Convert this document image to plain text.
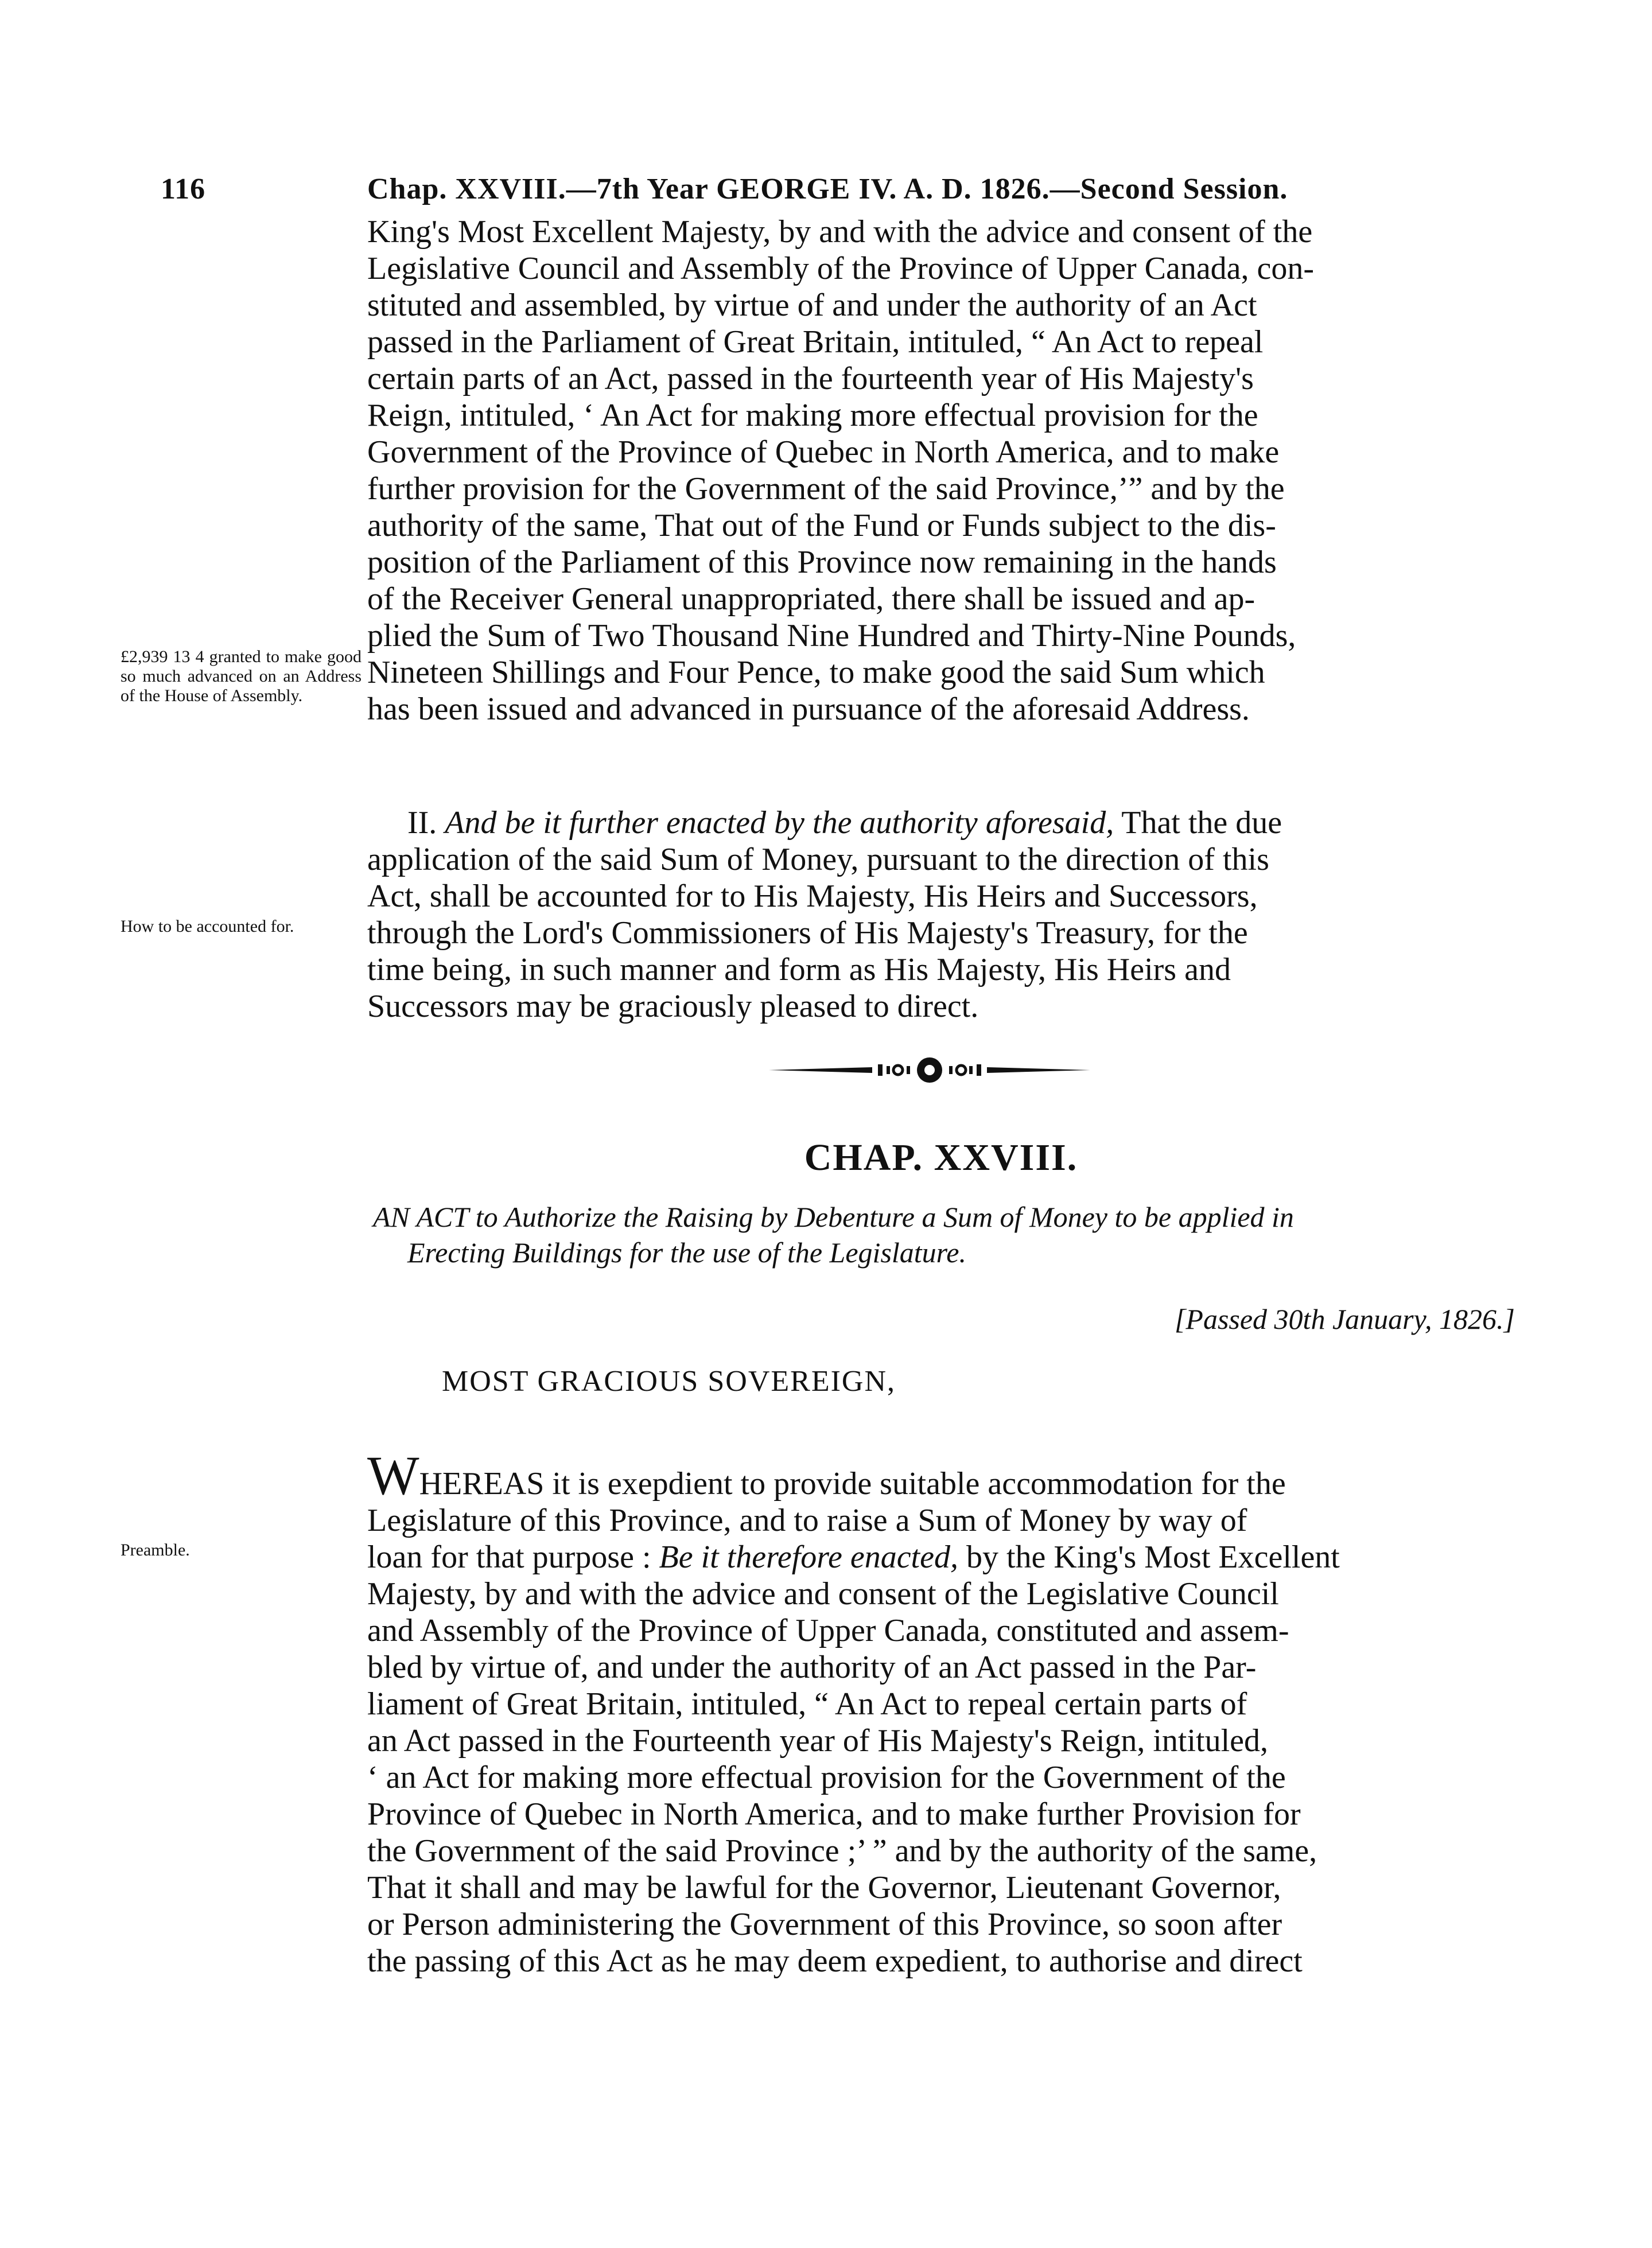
116	Chap. XXVIII.—7th Year GEORGE IV. A. D. 1826.—Second Session.

King's Most Excellent Majesty, by and with the advice and consent of the

Legislative Council and Assembly of the Province of Upper Canada, con-

stituted and assembled, by virtue of and under the authority of an Act

passed in the Parliament of Great Britain, intituled, “ An Act to repeal

certain parts of an Act, passed in the fourteenth year of His Majesty's

Reign, intituled, ‘ An Act for making more effectual provision for the

Government of the Province of Quebec in North America, and to make

further provision for the Government of the said Province,’” and by the

authority of the same, That out of the Fund or Funds subject to the dis-

position of the Parliament of this Province now remaining in the hands

of the Receiver General unappropriated, there shall be issued and ap-

plied the Sum of Two Thousand Nine Hundred and Thirty-Nine Pounds,

Nineteen Shillings and Four Pence, to make good the said Sum which

has been issued and advanced in pursuance of the aforesaid Address.

£2,939 13 4 granted to make good so much advanced on an Address of the House of Assembly.

II. And be it further enacted by the authority aforesaid, That the due

application of the said Sum of Money, pursuant to the direction of this

Act, shall be accounted for to His Majesty, His Heirs and Successors,

through the Lord's Commissioners of His Majesty's Treasury, for the

time being, in such manner and form as His Majesty, His Heirs and

Successors may be graciously pleased to direct.

How to be accounted for.
CHAP. XXVIII.
AN ACT to Authorize the Raising by Debenture a Sum of Money to be applied in
Erecting Buildings for the use of the Legislature.
[Passed 30th January, 1826.]
MOST GRACIOUS SOVEREIGN,

WHEREAS it is exepdient to provide suitable accommodation for the

Legislature of this Province, and to raise a Sum of Money by way of

loan for that purpose : Be it therefore enacted, by the King's Most Excellent

Majesty, by and with the advice and consent of the Legislative Council

and Assembly of the Province of Upper Canada, constituted and assem-

bled by virtue of, and under the authority of an Act passed in the Par-

liament of Great Britain, intituled, “ An Act to repeal certain parts of

an Act passed in the Fourteenth year of His Majesty's Reign, intituled,

‘ an Act for making more effectual provision for the Government of the

Province of Quebec in North America, and to make further Provision for

the Government of the said Province ;’ ” and by the authority of the same,

That it shall and may be lawful for the Governor, Lieutenant Governor,

or Person administering the Government of this Province, so soon after

the passing of this Act as he may deem expedient, to authorise and direct

Preamble.
